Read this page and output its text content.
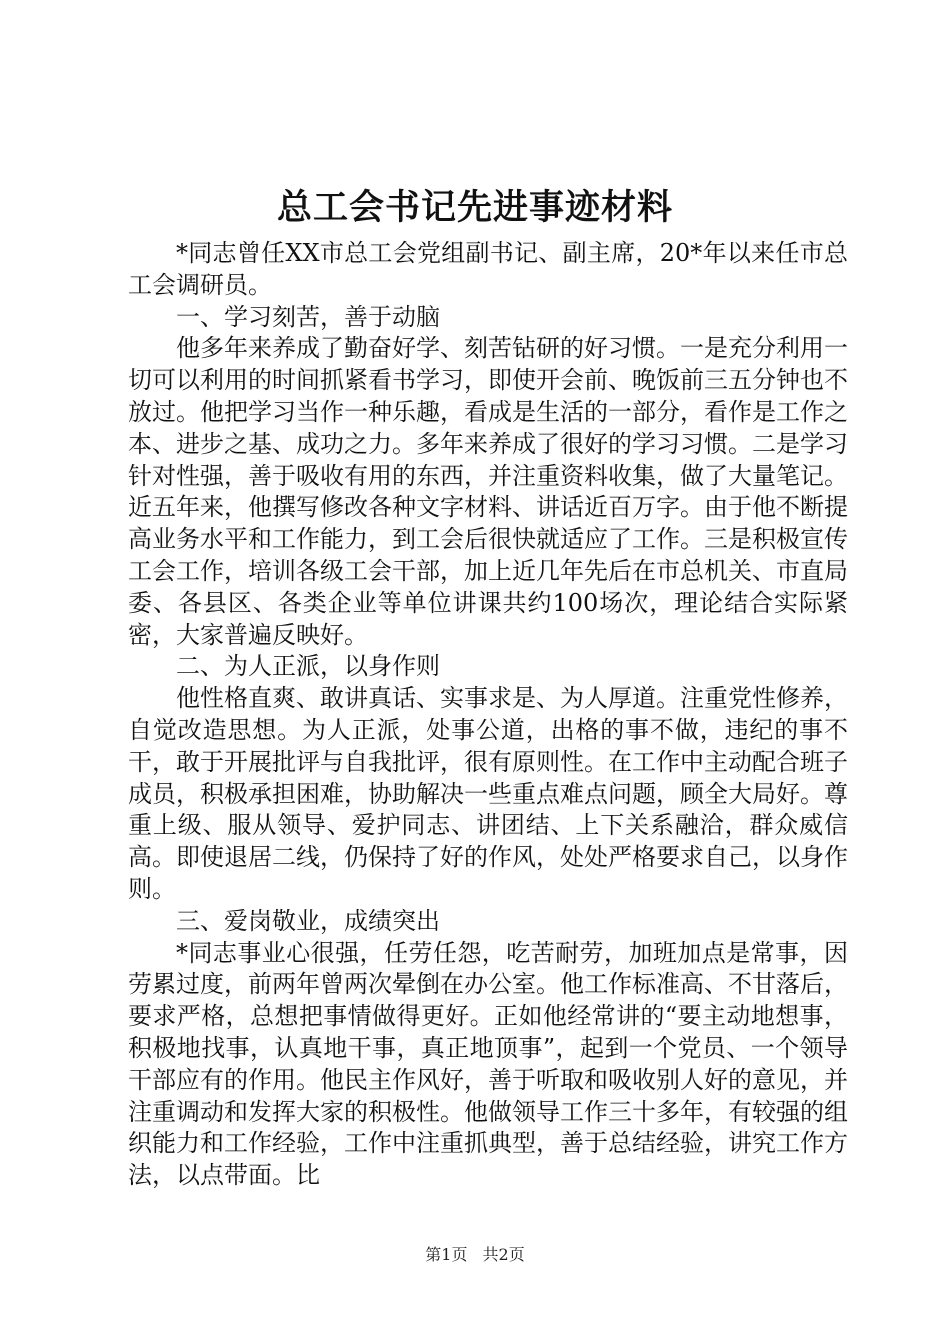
总工会书记先进事迹材料

*同志曾任XX市总工会党组副书记、副主席，20*年以来任市总工会调研员。

一、学习刻苦，善于动脑

他多年来养成了勤奋好学、刻苦钻研的好习惯。一是充分利用一切可以利用的时间抓紧看书学习，即使开会前、晚饭前三五分钟也不放过。他把学习当作一种乐趣，看成是生活的一部分，看作是工作之本、进步之基、成功之力。多年来养成了很好的学习习惯。二是学习针对性强，善于吸收有用的东西，并注重资料收集，做了大量笔记。近五年来，他撰写修改各种文字材料、讲话近百万字。由于他不断提高业务水平和工作能力，到工会后很快就适应了工作。三是积极宣传工会工作，培训各级工会干部，加上近几年先后在市总机关、市直局委、各县区、各类企业等单位讲课共约100场次，理论结合实际紧密，大家普遍反映好。

二、为人正派，以身作则

他性格直爽、敢讲真话、实事求是、为人厚道。注重党性修养，自觉改造思想。为人正派，处事公道，出格的事不做，违纪的事不干，敢于开展批评与自我批评，很有原则性。在工作中主动配合班子成员，积极承担困难，协助解决一些重点难点问题，顾全大局好。尊重上级、服从领导、爱护同志、讲团结、上下关系融洽，群众威信高。即使退居二线，仍保持了好的作风，处处严格要求自己，以身作则。

三、爱岗敬业，成绩突出

*同志事业心很强，任劳任怨，吃苦耐劳，加班加点是常事，因劳累过度，前两年曾两次晕倒在办公室。他工作标准高、不甘落后，要求严格，总想把事情做得更好。正如他经常讲的“要主动地想事，积极地找事，认真地干事，真正地顶事”，起到一个党员、一个领导干部应有的作用。他民主作风好，善于听取和吸收别人好的意见，并注重调动和发挥大家的积极性。他做领导工作三十多年，有较强的组织能力和工作经验，工作中注重抓典型，善于总结经验，讲究工作方法，以点带面。比

第1页 共2页
